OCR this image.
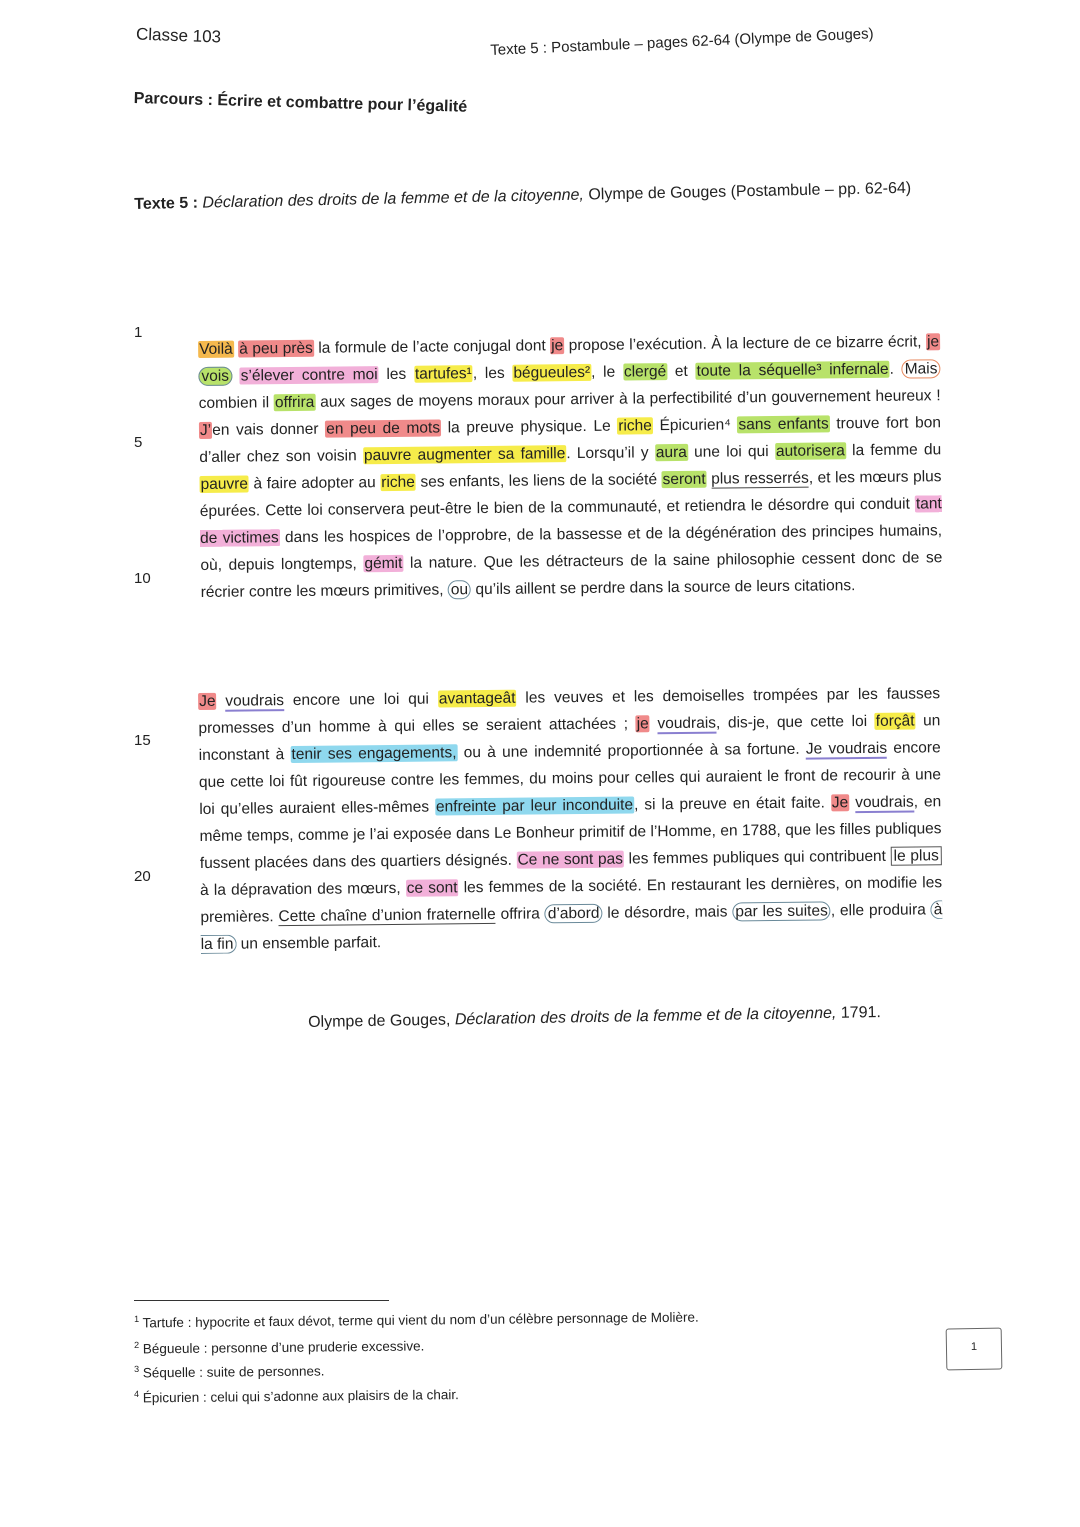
Classe 103	Texte 5 : Postambule – pages 62-64 (Olympe de Gouges)
Parcours : Écrire et combattre pour l’égalité
Texte 5 : Déclaration des droits de la femme et de la citoyenne, Olympe de Gouges (Postambule – pp. 62-64)
1
5
10
15
20
Voilà à peu près la formule de l’acte conjugal dont je propose l’exécution. À la lecture de ce bizarre écrit, je vois s’élever contre moi les tartufes¹, les bégueules², le clergé et toute la séquelle³ infernale. Mais combien il offrira aux sages de moyens moraux pour arriver à la perfectibilité d’un gouvernement heureux ! J’en vais donner en peu de mots la preuve physique. Le riche Épicurien⁴ sans enfants trouve fort bon d’aller chez son voisin pauvre augmenter sa famille. Lorsqu’il y aura une loi qui autorisera la femme du pauvre à faire adopter au riche ses enfants, les liens de la société seront plus resserrés, et les mœurs plus épurées. Cette loi conservera peut-être le bien de la communauté, et retiendra le désordre qui conduit tant de victimes dans les hospices de l’opprobre, de la bassesse et de la dégénération des principes humains, où, depuis longtemps, gémit la nature. Que les détracteurs de la saine philosophie cessent donc de se récrier contre les mœurs primitives, ou qu’ils aillent se perdre dans la source de leurs citations.
Je voudrais encore une loi qui avantageât les veuves et les demoiselles trompées par les fausses promesses d’un homme à qui elles se seraient attachées ; je voudrais, dis-je, que cette loi forçât un inconstant à tenir ses engagements, ou à une indemnité proportionnée à sa fortune. Je voudrais encore que cette loi fût rigoureuse contre les femmes, du moins pour celles qui auraient le front de recourir à une loi qu’elles auraient elles-mêmes enfreinte par leur inconduite, si la preuve en était faite. Je voudrais, en même temps, comme je l’ai exposée dans Le Bonheur primitif de l’Homme, en 1788, que les filles publiques fussent placées dans des quartiers désignés. Ce ne sont pas les femmes publiques qui contribuent le plus à la dépravation des mœurs, ce sont les femmes de la société. En restaurant les dernières, on modifie les premières. Cette chaîne d’union fraternelle offrira d’abord le désordre, mais par les suites , elle produira à la fin un ensemble parfait.
Olympe de Gouges, Déclaration des droits de la femme et de la citoyenne, 1791.
$^1$ Tartufe : hypocrite et faux dévot, terme qui vient du nom d’un célèbre personnage de Molière.
$^2$ Bégueule : personne d’une pruderie excessive.
$^3$ Séquelle : suite de personnes.
$^4$ Épicurien : celui qui s’adonne aux plaisirs de la chair.
1
